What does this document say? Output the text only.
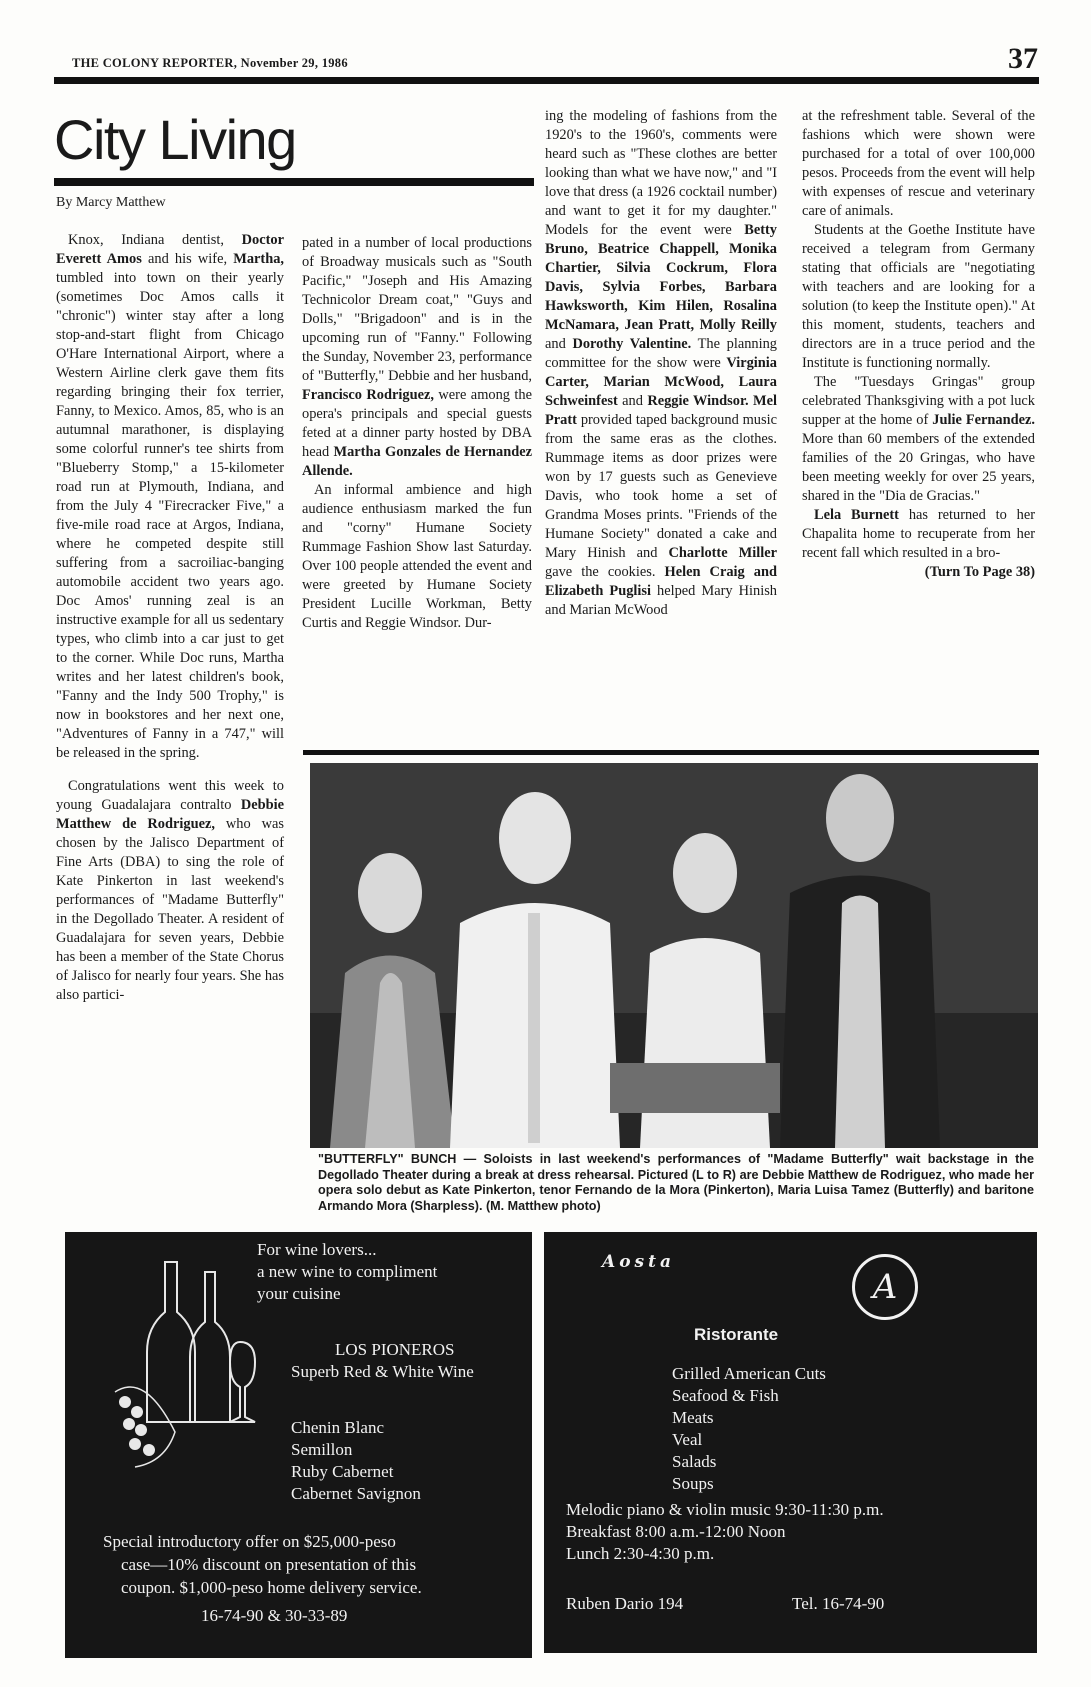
THE COLONY REPORTER, November 29, 1986	37
City Living
By Marcy Matthew

Knox, Indiana dentist, Doctor Everett Amos and his wife, Martha, tumbled into town on their yearly (sometimes Doc Amos calls it "chronic") winter stay after a long stop-and-start flight from Chicago O'Hare International Airport, where a Western Airline clerk gave them fits regarding bringing their fox terrier, Fanny, to Mexico. Amos, 85, who is an autumnal marathoner, is displaying some colorful runner's tee shirts from "Blueberry Stomp," a 15-kilometer road run at Plymouth, Indiana, and from the July 4 "Firecracker Five," a five-mile road race at Argos, Indiana, where he competed despite still suffering from a sacroiliac-banging automobile accident two years ago. Doc Amos' running zeal is an instructive example for all us sedentary types, who climb into a car just to get to the corner. While Doc runs, Martha writes and her latest children's book, "Fanny and the Indy 500 Trophy," is now in bookstores and her next one, "Adventures of Fanny in a 747," will be released in the spring.

Congratulations went this week to young Guadalajara contralto Debbie Matthew de Rodriguez, who was chosen by the Jalisco Department of Fine Arts (DBA) to sing the role of Kate Pinkerton in last weekend's performances of "Madame Butterfly" in the Degollado Theater. A resident of Guadalajara for seven years, Debbie has been a member of the State Chorus of Jalisco for nearly four years. She has also partici-

pated in a number of local productions of Broadway musicals such as "South Pacific," "Joseph and His Amazing Technicolor Dream coat," "Guys and Dolls," "Brigadoon" and is in the upcoming run of "Fanny." Following the Sunday, November 23, performance of "Butterfly," Debbie and her husband, Francisco Rodriguez, were among the opera's principals and special guests feted at a dinner party hosted by DBA head Martha Gonzales de Hernandez Allende.

An informal ambience and high audience enthusiasm marked the fun and "corny" Humane Society Rummage Fashion Show last Saturday. Over 100 people attended the event and were greeted by Humane Society President Lucille Workman, Betty Curtis and Reggie Windsor. Dur-

ing the modeling of fashions from the 1920's to the 1960's, comments were heard such as "These clothes are better looking than what we have now," and "I love that dress (a 1926 cocktail number) and want to get it for my daughter." Models for the event were Betty Bruno, Beatrice Chappell, Monika Chartier, Silvia Cockrum, Flora Davis, Sylvia Forbes, Barbara Hawksworth, Kim Hilen, Rosalina McNamara, Jean Pratt, Molly Reilly and Dorothy Valentine. The planning committee for the show were Virginia Carter, Marian McWood, Laura Schweinfest and Reggie Windsor. Mel Pratt provided taped background music from the same eras as the clothes. Rummage items as door prizes were won by 17 guests such as Genevieve Davis, who took home a set of Grandma Moses prints. "Friends of the Humane Society" donated a cake and Mary Hinish and Charlotte Miller gave the cookies. Helen Craig and Elizabeth Puglisi helped Mary Hinish and Marian McWood

at the refreshment table. Several of the fashions which were shown were purchased for a total of over 100,000 pesos. Proceeds from the event will help with expenses of rescue and veterinary care of animals.

Students at the Goethe Institute have received a telegram from Germany stating that officials are "negotiating with teachers and are looking for a solution (to keep the Institute open)." At this moment, students, teachers and directors are in a truce period and the Institute is functioning normally.

The "Tuesdays Gringas" group celebrated Thanksgiving with a pot luck supper at the home of Julie Fernandez. More than 60 members of the extended families of the 20 Gringas, who have been meeting weekly for over 25 years, shared in the "Dia de Gracias."

Lela Burnett has returned to her Chapalita home to recuperate from her recent fall which resulted in a bro-

(Turn To Page 38)
"BUTTERFLY" BUNCH — Soloists in last weekend's performances of "Madame Butterfly" wait backstage in the Degollado Theater during a break at dress rehearsal. Pictured (L to R) are Debbie Matthew de Rodriguez, who made her opera solo debut as Kate Pinkerton, tenor Fernando de la Mora (Pinkerton), Maria Luisa Tamez (Butterfly) and baritone Armando Mora (Sharpless). (M. Matthew photo)
For wine lovers...
a new wine to compliment
your cuisine
LOS PIONEROS
Superb Red & White Wine
Chenin Blanc
Semillon
Ruby Cabernet
Cabernet Savignon
Special introductory offer on $25,000-peso
case—10% discount on presentation of this
coupon. $1,000-peso home delivery service.
16-74-90 & 30-33-89
Aosta
A
Ristorante
Grilled American Cuts
Seafood & Fish
Meats
Veal
Salads
Soups
Melodic piano & violin music 9:30-11:30 p.m.
Breakfast 8:00 a.m.-12:00 Noon
Lunch 2:30-4:30 p.m.
Ruben Dario 194	Tel. 16-74-90
